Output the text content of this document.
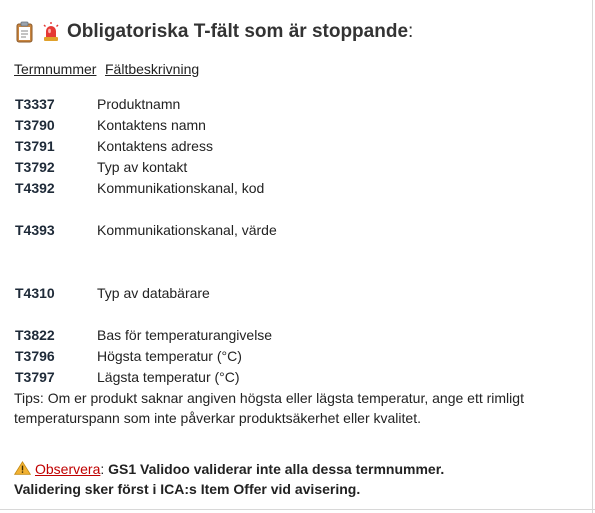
Obligatoriska T-fält som är stoppande :
Termnummer Fältbeskrivning
T3337	Produktnamn
T3790	Kontaktens namn
T3791	Kontaktens adress
T3792	Typ av kontakt
T4392	Kommunikationskanal, kod
T4393	Kommunikationskanal, värde
T4310	Typ av databärare
T3822	Bas för temperaturangivelse
T3796	Högsta temperatur (°C)
T3797	Lägsta temperatur (°C)
Tips: Om er produkt saknar angiven högsta eller lägsta temperatur, ange ett rimligt temperaturspann som inte påverkar produktsäkerhet eller kvalitet.
Observera: GS1 Validoo validerar inte alla dessa termnummer.
Validering sker först i ICA:s Item Offer vid avisering.
